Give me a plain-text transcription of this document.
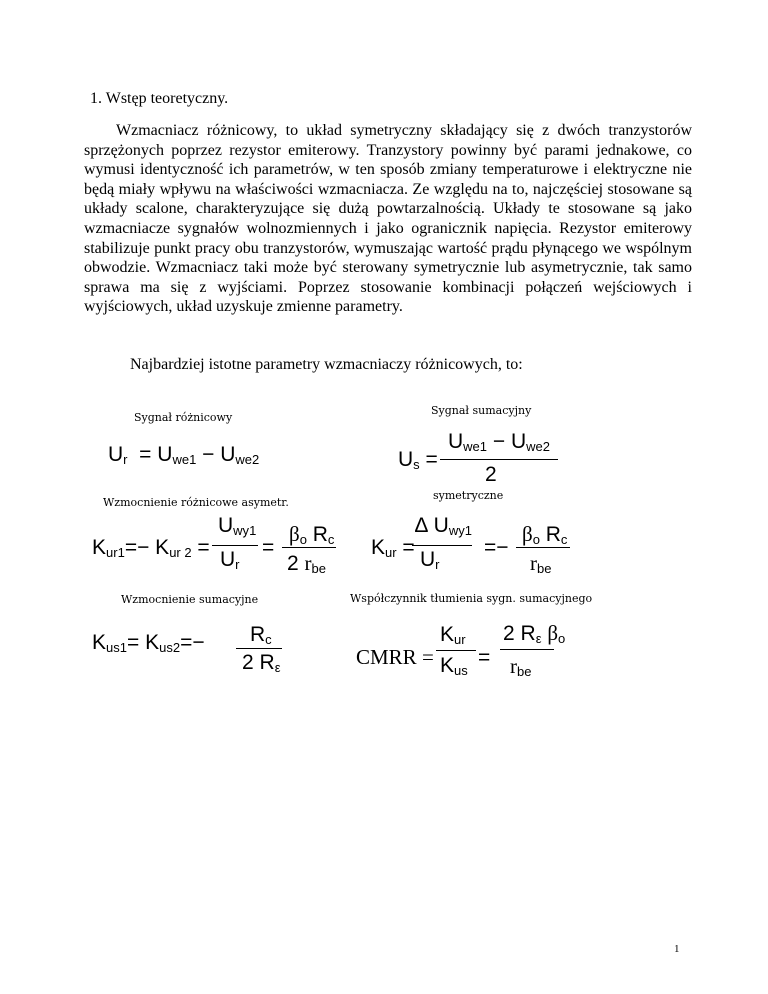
1. Wstęp teoretyczny.

Wzmacniacz różnicowy, to układ symetryczny składający się z dwóch tranzystorów sprzężonych poprzez rezystor emiterowy. Tranzystory powinny być parami jednakowe, co wymusi identyczność ich parametrów, w ten sposób zmiany temperaturowe i elektryczne nie będą miały wpływu na właściwości wzmacniacza. Ze względu na to, najczęściej stosowane są układy scalone, charakteryzujące się dużą powtarzalnością. Układy te stosowane są jako wzmacniacze sygnałów wolnozmiennych i jako ogranicznik napięcia. Rezystor emiterowy stabilizuje punkt pracy obu tranzystorów, wymuszając wartość prądu płynącego we wspólnym obwodzie. Wzmacniacz taki może być sterowany symetrycznie lub asymetrycznie, tak samo sprawa ma się z wyjściami. Poprzez stosowanie kombinacji połączeń wejściowych i wyjściowych, układ uzyskuje zmienne parametry.

Najbardziej istotne parametry wzmacniaczy różnicowych, to:
Sygnał różnicowy
Sygnał sumacyjny
Wzmocnienie różnicowe asymetr.
symetryczne
Wzmocnienie sumacyjne	Współczynnik tłumienia sygn. sumacyjnego
$U_r = U_{we1} - U_{we2}$	$U_s$ =
$U_{we1} - U_{we2}$
2
$K_{ur1}=- K_{ur 2}$ =
$U_{wy1}$
$U_r$
=
$\beta_o$ $R_c$
2 $r_{be}$
$K_{ur}$ =
∆ $U_{wy1}$
$U_r$
=−
$\beta_o$ $R_c$
$r_{be}$
$K_{us1}= K_{us2}=- R_c$
2 $R_\varepsilon$	CMRR =
$K_{ur}$
$K_{us}$
=
2 $R_\varepsilon$ $\beta_o$
$r_{be}$
1
